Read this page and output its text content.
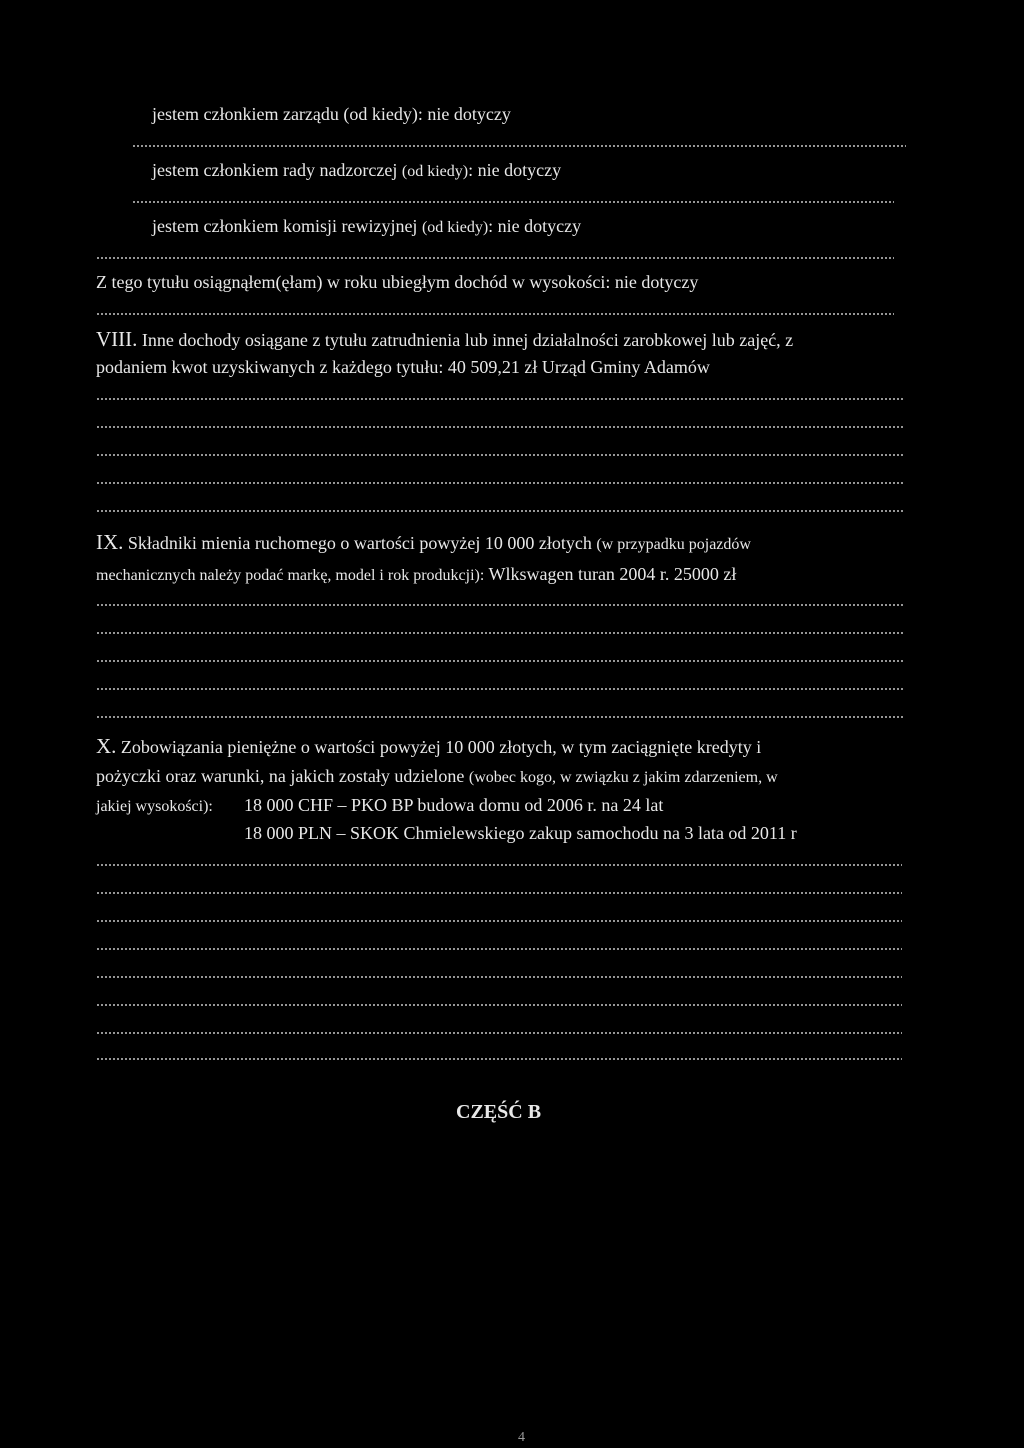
jestem członkiem zarządu (od kiedy): nie dotyczy
jestem członkiem rady nadzorczej (od kiedy): nie dotyczy
jestem członkiem komisji rewizyjnej (od kiedy): nie dotyczy
Z tego tytułu osiągnąłem(ęłam) w roku ubiegłym dochód w wysokości: nie dotyczy
VIII. Inne dochody osiągane z tytułu zatrudnienia lub innej działalności zarobkowej lub zajęć, z
podaniem kwot uzyskiwanych z każdego tytułu: 40 509,21 zł Urząd Gminy Adamów
IX. Składniki mienia ruchomego o wartości powyżej 10 000 złotych (w przypadku pojazdów
mechanicznych należy podać markę, model i rok produkcji): Wlkswagen turan 2004 r. 25000 zł
X. Zobowiązania pieniężne o wartości powyżej 10 000 złotych, w tym zaciągnięte kredyty i
pożyczki oraz warunki, na jakich zostały udzielone (wobec kogo, w związku z jakim zdarzeniem, w
jakiej wysokości): 18 000 CHF – PKO BP budowa domu od 2006 r. na 24 lat
18 000 PLN – SKOK Chmielewskiego zakup samochodu na 3 lata od 2011 r
CZĘŚĆ B
4
